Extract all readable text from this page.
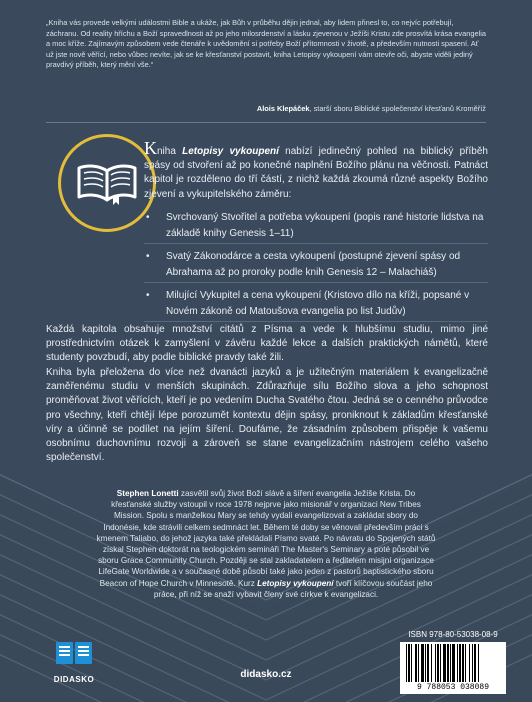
„Kniha vás provede velkými událostmi Bible a ukáže, jak Bůh v průběhu dějin jednal, aby lidem přinesl to, co nejvíc potřebují, záchranu. Od reality hříchu a Boží spravedlnosti až po jeho milosrdenství a lásku zjevenou v Ježíši Kristu zde prosvítá krása evangelia a moc kříže. Zajímavým způsobem vede čtenáře k uvědomění si potřeby Boží přítomnosti v životě, a především nutnosti spasení. Ať už jste nově věřící, nebo vůbec nevíte, jak se ke křesťanství postavit, kniha Letopisy vykoupení vám otevře oči, abyste viděli jediný pravdivý příběh, který mění vše.“
Alois Klepáček, starší sboru Biblické společenství křesťanů Kroměříž
Kniha Letopisy vykoupení nabízí jedinečný pohled na biblický příběh spásy od stvoření až po konečné naplnění Božího plánu na věčnosti. Patnáct kapitol je rozděleno do tří částí, z nichž každá zkoumá různé aspekty Božího zjevení a vykupitelského záměru:
• Svrchovaný Stvořitel a potřeba vykoupení (popis rané historie lidstva na základě knihy Genesis 1–11)
• Svatý Zákonodárce a cesta vykoupení (postupné zjevení spásy od Abrahama až po proroky podle knih Genesis 12 – Malachiáš)
• Milující Vykupitel a cena vykoupení (Kristovo dílo na kříži, popsané v Novém zákoně od Matoušova evangelia po list Judův)

Každá kapitola obsahuje množství citátů z Písma a vede k hlubšímu studiu, mimo jiné prostřednictvím otázek k zamyšlení v závěru každé lekce a dalších praktických námětů, které studenty povzbudí, aby podle biblické pravdy také žili.

Kniha byla přeložena do více než dvanácti jazyků a je užitečným materiálem k evangelizačně zaměřenému studiu v menších skupinách. Zdůrazňuje sílu Božího slova a jeho schopnost proměňovat život věřících, kteří je po vedením Ducha Svatého čtou. Jedná se o cenného průvodce pro všechny, kteří chtějí lépe porozumět kontextu dějin spásy, proniknout k základům křesťanské víry a účinně se podílet na jejím šíření. Doufáme, že zásadním způsobem přispěje k vašemu osobnímu duchovnímu rozvoji a zároveň se stane evangelizačním nástrojem celého vašeho společenství.

Stephen Lonetti zasvětil svůj život Boží slávě a šíření evangelia Ježíše Krista. Do křesťanské služby vstoupil v roce 1978 nejprve jako misionář v organizaci New Tribes Mission. Spolu s manželkou Mary se tehdy vydali evangelizovat a zakládat sbory do Indonésie, kde strávili celkem sedmnáct let. Během té doby se věnovali především práci s kmenem Taliabo, do jehož jazyka také překládali Písmo svaté. Po návratu do Spojených států získal Stephen doktorát na teologickém semináři The Master's Seminary a poté působil ve sboru Grace Community Church. Později se stal zakladatelem a ředitelem misijní organizace LifeGate Worldwide a v současné době působí také jako jeden z pastorů baptistického sboru Beacon of Hope Church v Minnesotě. Kurz Letopisy vykoupení tvoří klíčovou součást jeho práce, při níž se snaží vybavit členy své církve k evangelizaci.
DIDASKO	didasko.cz
ISBN 978-80-53038-08-9
9 788053 038089
